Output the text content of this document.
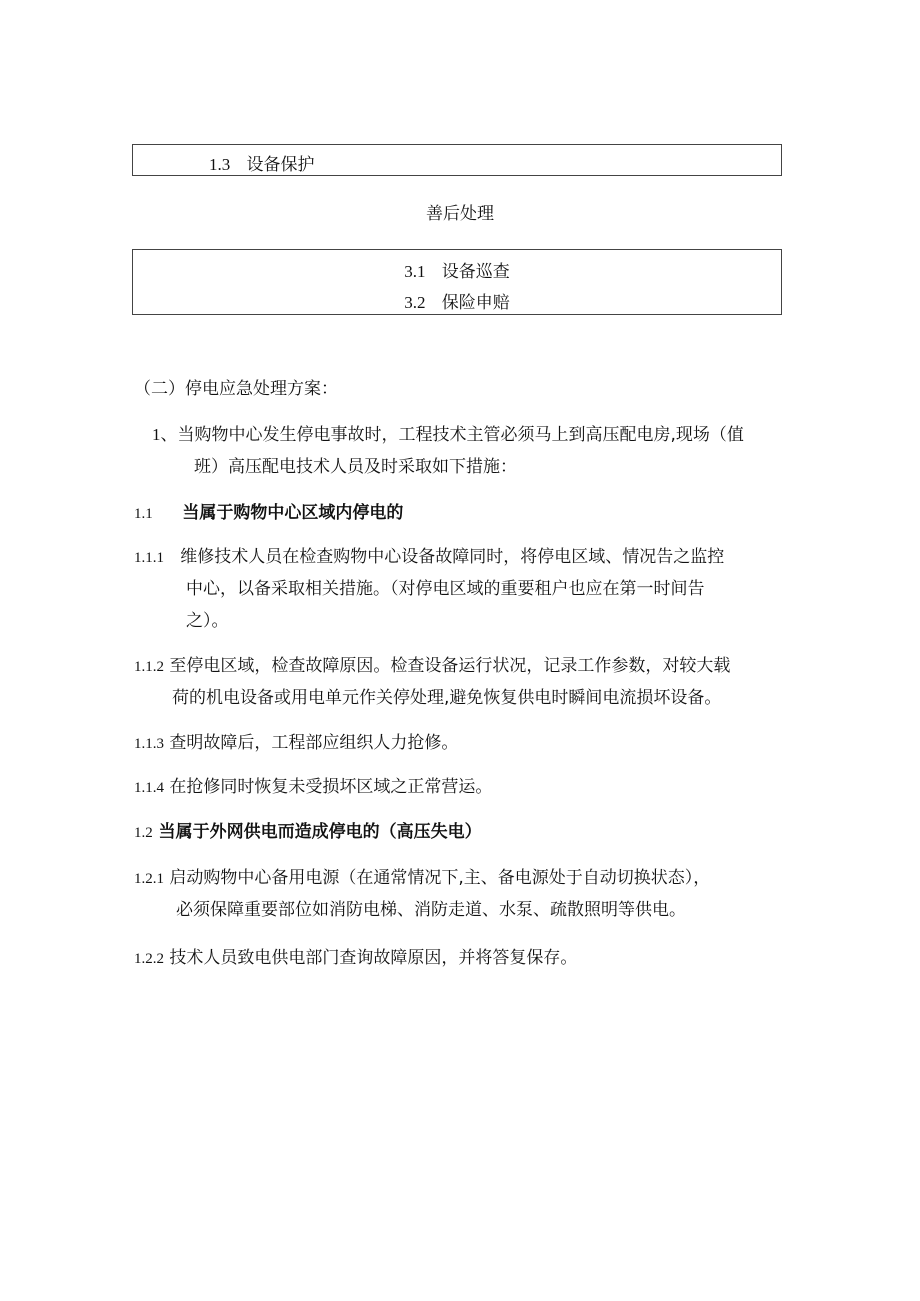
1.3 设备保护
善后处理
3.1 设备巡查
3.2 保险申赔
（二）停电应急处理方案：
1、当购物中心发生停电事故时，工程技术主管必须马上到高压配电房,现场（值
班）高压配电技术人员及时采取如下措施：
1.1 当属于购物中心区域内停电的
1.1.1 维修技术人员在检查购物中心设备故障同时，将停电区域、情况告之监控
中心，以备采取相关措施。（对停电区域的重要租户也应在第一时间告
之）。
1.1.2 至停电区域，检查故障原因。检查设备运行状况，记录工作参数，对较大载
荷的机电设备或用电单元作关停处理,避免恢复供电时瞬间电流损坏设备。
1.1.3 查明故障后，工程部应组织人力抢修。
1.1.4 在抢修同时恢复未受损坏区域之正常营运。
1.2 当属于外网供电而造成停电的（高压失电）
1.2.1 启动购物中心备用电源（在通常情况下,主、备电源处于自动切换状态），
必须保障重要部位如消防电梯、消防走道、水泵、疏散照明等供电。
1.2.2 技术人员致电供电部门查询故障原因，并将答复保存。
